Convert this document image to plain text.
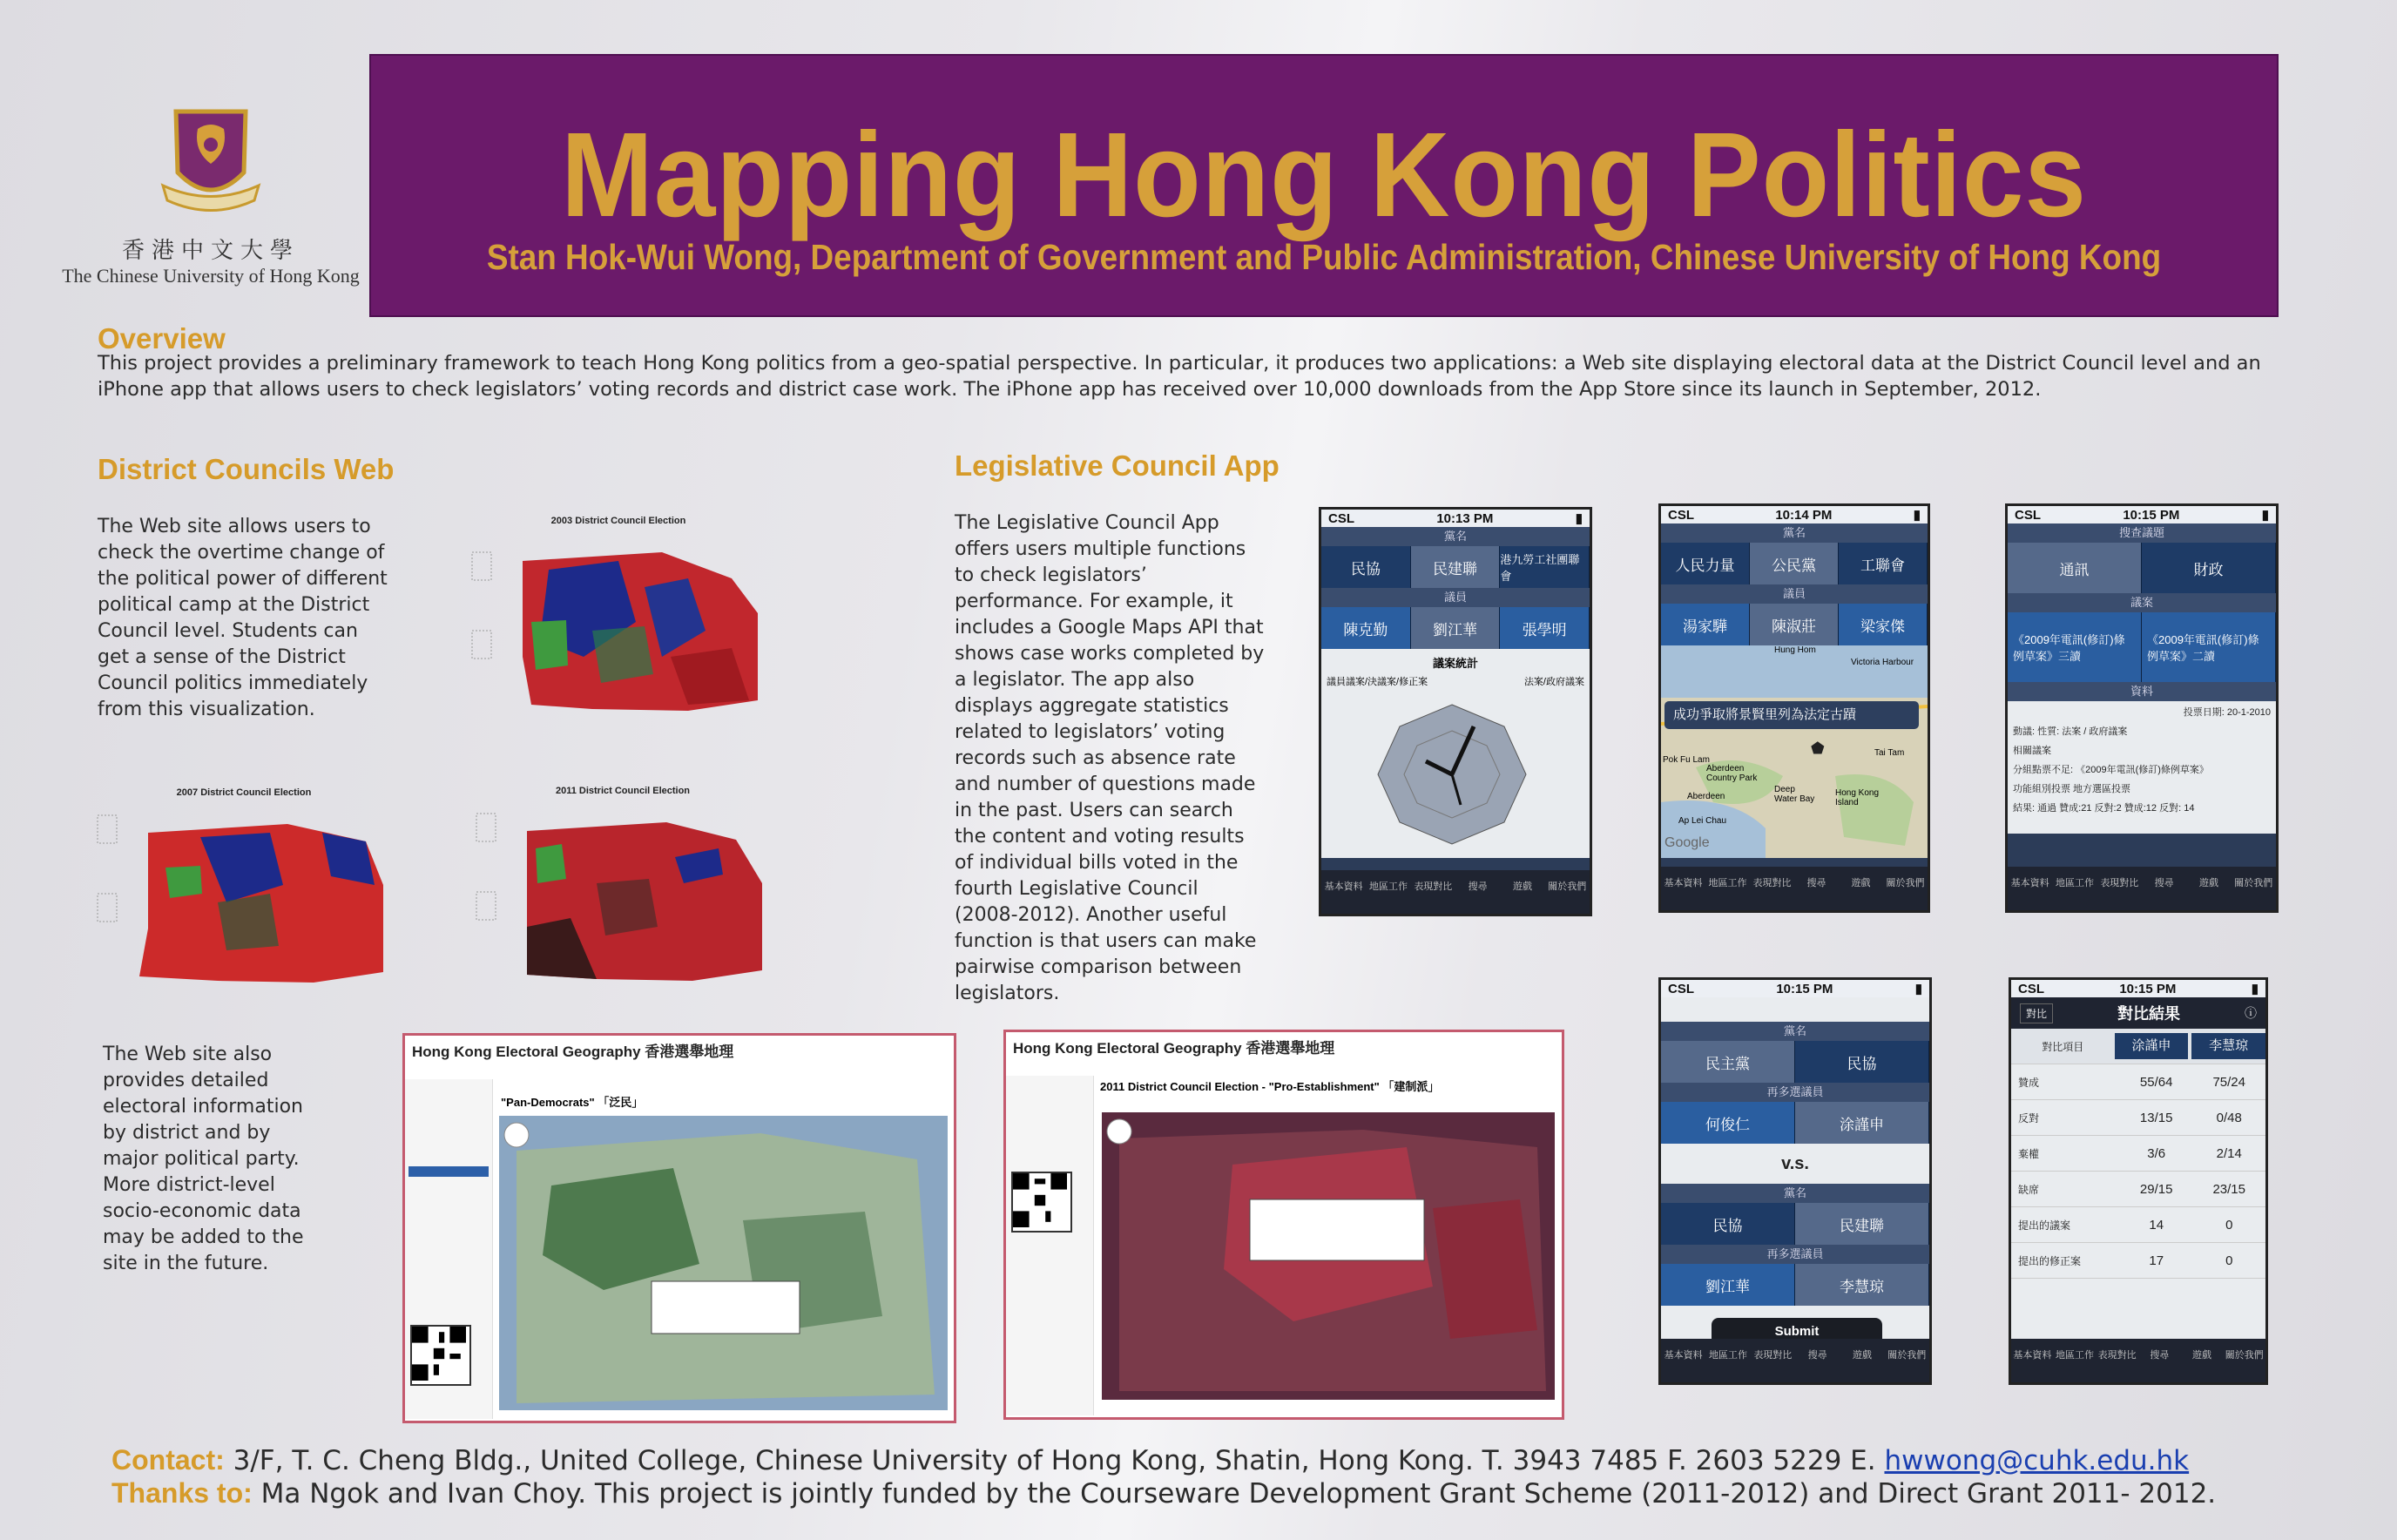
香港中文大學
The Chinese University of Hong Kong
Mapping Hong Kong Politics
Stan Hok-Wui Wong, Department of Government and Public Administration, Chinese University of Hong Kong
Overview
This project provides a preliminary framework to teach Hong Kong politics from a geo-spatial perspective. In particular, it produces two applications: a Web site displaying electoral data at the District Council level and an iPhone app that allows users to check legislators’ voting records and district case work. The iPhone app has received over 10,000 downloads from the App Store since its launch in September, 2012.
District Councils Web
The Web site allows users to check the overtime change of the political power of different political camp at the District Council level. Students can get a sense of the District Council politics immediately from this visualization.
2003 District Council Election
2007 District Council Election	2011 District Council Election
The Web site also provides detailed electoral information by district and by major political party. More district-level socio-economic data may be added to the site in the future.
Hong Kong Electoral Geography 香港選舉地理
"Pan-Democrats" 「泛民」
Hong Kong Electoral Geography 香港選舉地理
2011 District Council Election - "Pro-Establishment" 「建制派」
Legislative Council App
The Legislative Council App offers users multiple functions to check legislators’ performance. For example, it includes a Google Maps API that shows case works completed by a legislator. The app also displays aggregate statistics related to legislators’ voting records such as absence rate and number of questions made in the past. Users can search the content and voting results of individual bills voted in the fourth Legislative Council (2008-2012). Another useful function is that users can make pairwise comparison between legislators.
CSL	10:13 PM	▮
黨名
民協	民建聯
港九勞工社團聯會
議員
陳克勤	劉江華	張學明
議案統計
議員議案/決議案/修正案	法案/政府議案
基本資料 地區工作 表現對比	搜尋	遊戲	關於我們
CSL	10:14 PM	▮
黨名
人民力量	公民黨	工聯會
議員
湯家驊	陳淑莊	梁家傑
成功爭取將景賢里列為法定古蹟
Hung Hom
Victoria Harbour
Tai Tam
Pok Fu Lam
Aberdeen Country Park
Aberdeen
Ap Lei Chau
Deep Water Bay
Hong Kong Island
Google
⬟
基本資料 地區工作 表現對比	搜尋	遊戲	關於我們
CSL	10:15 PM	▮
搜查議題
通訊	財政
議案
《2009年電訊(修訂)條例草案》三讀
《2009年電訊(修訂)條例草案》二讀
資料
投票日期: 20-1-2010
動議: 性質: 法案 / 政府議案
相關議案
分組點票不足: 《2009年電訊(修訂)條例草案》
功能組別投票 地方選區投票
結果: 通過 贊成:21 反對:2 贊成:12 反對: 14
基本資料 地區工作 表現對比	搜尋	遊戲	關於我們
CSL	10:15 PM	▮
黨名
民主黨	民協
再多選議員
何俊仁	涂謹申
v.s.
黨名
民協	民建聯
再多選議員
劉江華	李慧琼
Submit
基本資料 地區工作 表現對比	搜尋	遊戲	關於我們
CSL	10:15 PM	▮
對比	對比結果	ⓘ
對比項目	涂謹申	李慧琼
贊成	55/64	75/24
反對	13/15	0/48
棄權	3/6	2/14
缺席	29/15	23/15
提出的議案	14	0
提出的修正案	17	0
基本資料 地區工作 表現對比	搜尋	遊戲	關於我們
Contact: 3/F, T. C. Cheng Bldg., United College, Chinese University of Hong Kong, Shatin, Hong Kong. T. 3943 7485 F. 2603 5229 E. hwwong@cuhk.edu.hk
Thanks to: Ma Ngok and Ivan Choy. This project is jointly funded by the Courseware Development Grant Scheme (2011-2012) and Direct Grant 2011- 2012.
